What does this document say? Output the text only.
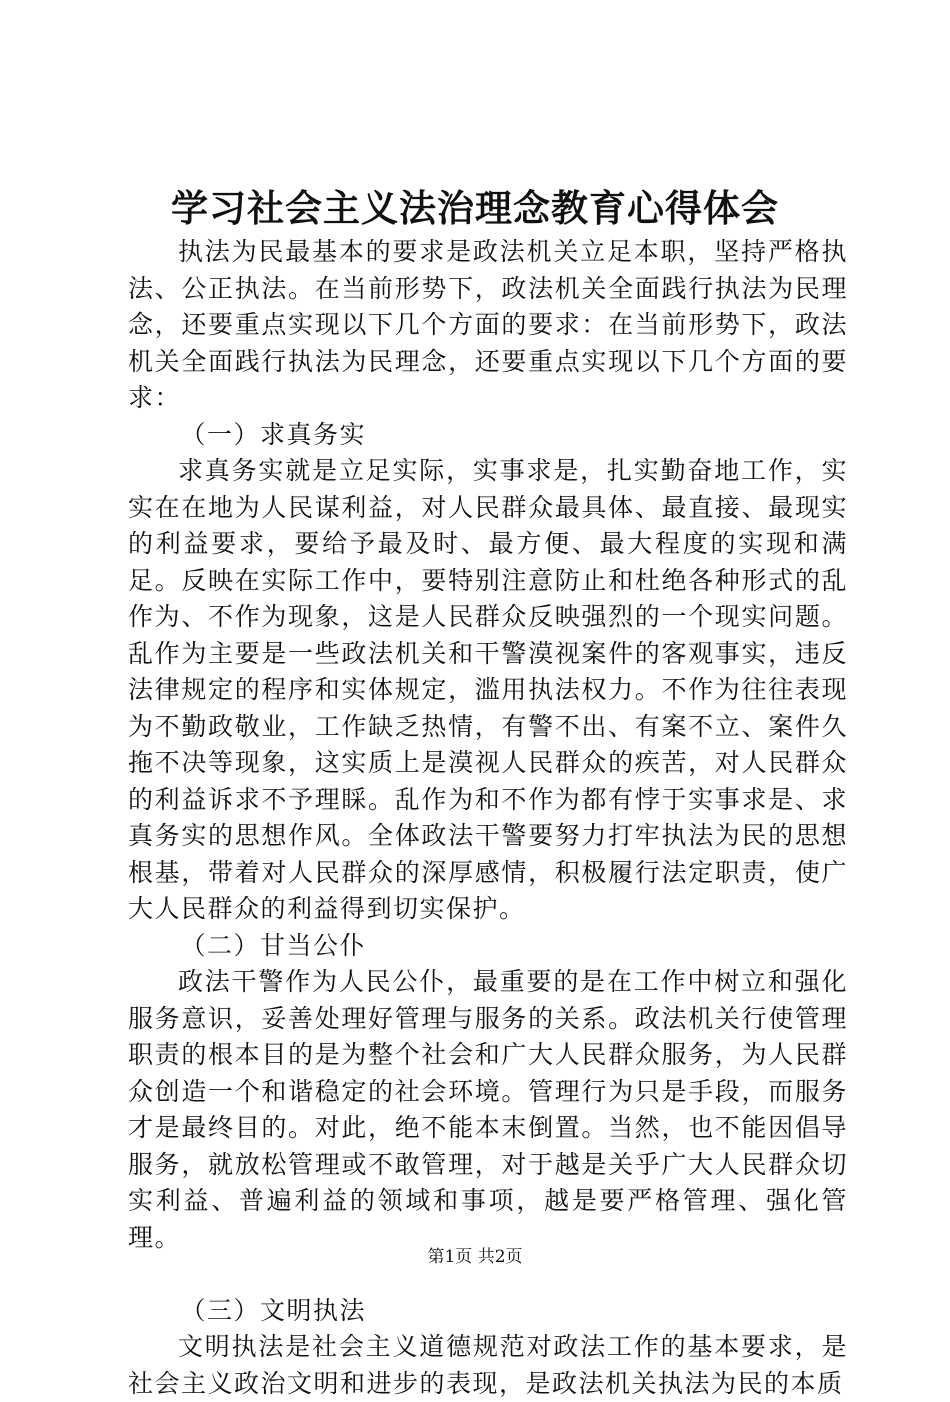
学习社会主义法治理念教育心得体会

执法为民最基本的要求是政法机关立足本职，坚持严格执法、公正执法。在当前形势下，政法机关全面践行执法为民理念，还要重点实现以下几个方面的要求：在当前形势下，政法机关全面践行执法为民理念，还要重点实现以下几个方面的要求：

（一）求真务实

求真务实就是立足实际，实事求是，扎实勤奋地工作，实实在在地为人民谋利益，对人民群众最具体、最直接、最现实的利益要求，要给予最及时、最方便、最大程度的实现和满足。反映在实际工作中，要特别注意防止和杜绝各种形式的乱作为、不作为现象，这是人民群众反映强烈的一个现实问题。乱作为主要是一些政法机关和干警漠视案件的客观事实，违反法律规定的程序和实体规定，滥用执法权力。不作为往往表现为不勤政敬业，工作缺乏热情，有警不出、有案不立、案件久拖不决等现象，这实质上是漠视人民群众的疾苦，对人民群众的利益诉求不予理睬。乱作为和不作为都有悖于实事求是、求真务实的思想作风。全体政法干警要努力打牢执法为民的思想根基，带着对人民群众的深厚感情，积极履行法定职责，使广大人民群众的利益得到切实保护。

（二）甘当公仆

政法干警作为人民公仆，最重要的是在工作中树立和强化服务意识，妥善处理好管理与服务的关系。政法机关行使管理职责的根本目的是为整个社会和广大人民群众服务，为人民群众创造一个和谐稳定的社会环境。管理行为只是手段，而服务才是最终目的。对此，绝不能本末倒置。当然，也不能因倡导服务，就放松管理或不敢管理，对于越是关乎广大人民群众切实利益、普遍利益的领域和事项，越是要严格管理、强化管理。

（三）文明执法

文明执法是社会主义道德规范对政法工作的基本要求，是社会主义政治文明和进步的表现，是政法机关执法为民的本质

第1页 共2页
